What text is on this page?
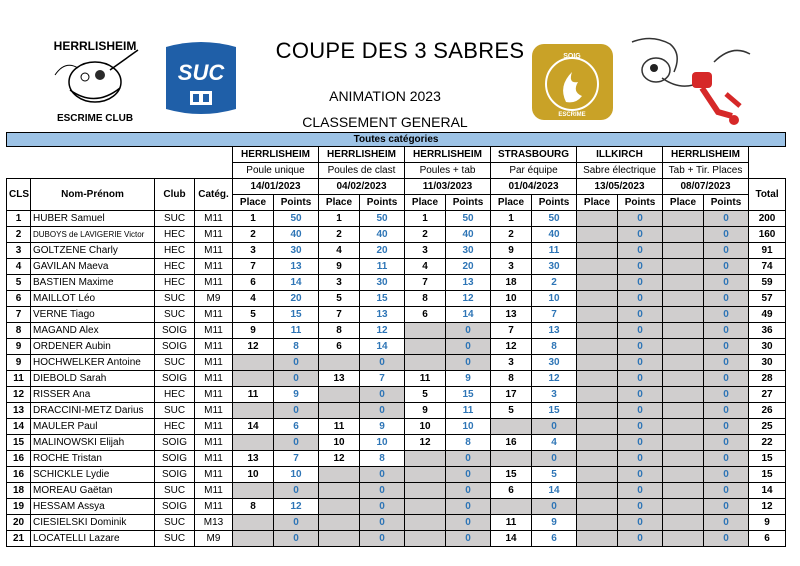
HERRLISHEIM
ESCRIME CLUB
SUC
COUPE DES 3 SABRES
ANIMATION 2023
CLASSEMENT GENERAL
SOIG
ESCRIME
Toutes catégories																
				HERRLISHEIM		HERRLISHEIM		HERRLISHEIM		STRASBOURG		ILLKIRCH		HERRLISHEIM		
				Poule unique		Poules de clast		Poules + tab		Par équipe		Sabre électrique		Tab + Tir. Places		
CLS	Nom-Prénom	Club	Catég.	14/01/2023		04/02/2023		11/03/2023		01/04/2023		13/05/2023		08/07/2023		Total
				Place	Points	Place	Points	Place	Points	Place	Points	Place	Points	Place	Points	
1	HUBER Samuel	SUC	M11	1	50	1	50	1	50	1	50		0		0	200
2	DUBOYS de LAVIGERIE Victor	HEC	M11	2	40	2	40	2	40	2	40		0		0	160
3	GOLTZENE Charly	HEC	M11	3	30	4	20	3	30	9	11		0		0	91
4	GAVILAN Maeva	HEC	M11	7	13	9	11	4	20	3	30		0		0	74
5	BASTIEN Maxime	HEC	M11	6	14	3	30	7	13	18	2		0		0	59
6	MAILLOT Léo	SUC	M9	4	20	5	15	8	12	10	10		0		0	57
7	VERNE Tiago	SUC	M11	5	15	7	13	6	14	13	7		0		0	49
8	MAGAND Alex	SOIG	M11	9	11	8	12		0	7	13		0		0	36
9	ORDENER Aubin	SOIG	M11	12	8	6	14		0	12	8		0		0	30
9	HOCHWELKER Antoine	SUC	M11		0		0		0	3	30		0		0	30
11	DIEBOLD Sarah	SOIG	M11		0	13	7	11	9	8	12		0		0	28
12	RISSER Ana	HEC	M11	11	9		0	5	15	17	3		0		0	27
13	DRACCINI-METZ Darius	SUC	M11		0		0	9	11	5	15		0		0	26
14	MAULER Paul	HEC	M11	14	6	11	9	10	10		0		0		0	25
15	MALINOWSKI Elijah	SOIG	M11		0	10	10	12	8	16	4		0		0	22
16	ROCHE Tristan	SOIG	M11	13	7	12	8		0		0		0		0	15
16	SCHICKLE Lydie	SOIG	M11	10	10		0		0	15	5		0		0	15
18	MOREAU Gaëtan	SUC	M11		0		0		0	6	14		0		0	14
19	HESSAM Assya	SOIG	M11	8	12		0		0		0		0		0	12
20	CIESIELSKI Dominik	SUC	M13		0		0		0	11	9		0		0	9
21	LOCATELLI Lazare	SUC	M9		0		0		0	14	6		0		0	6
